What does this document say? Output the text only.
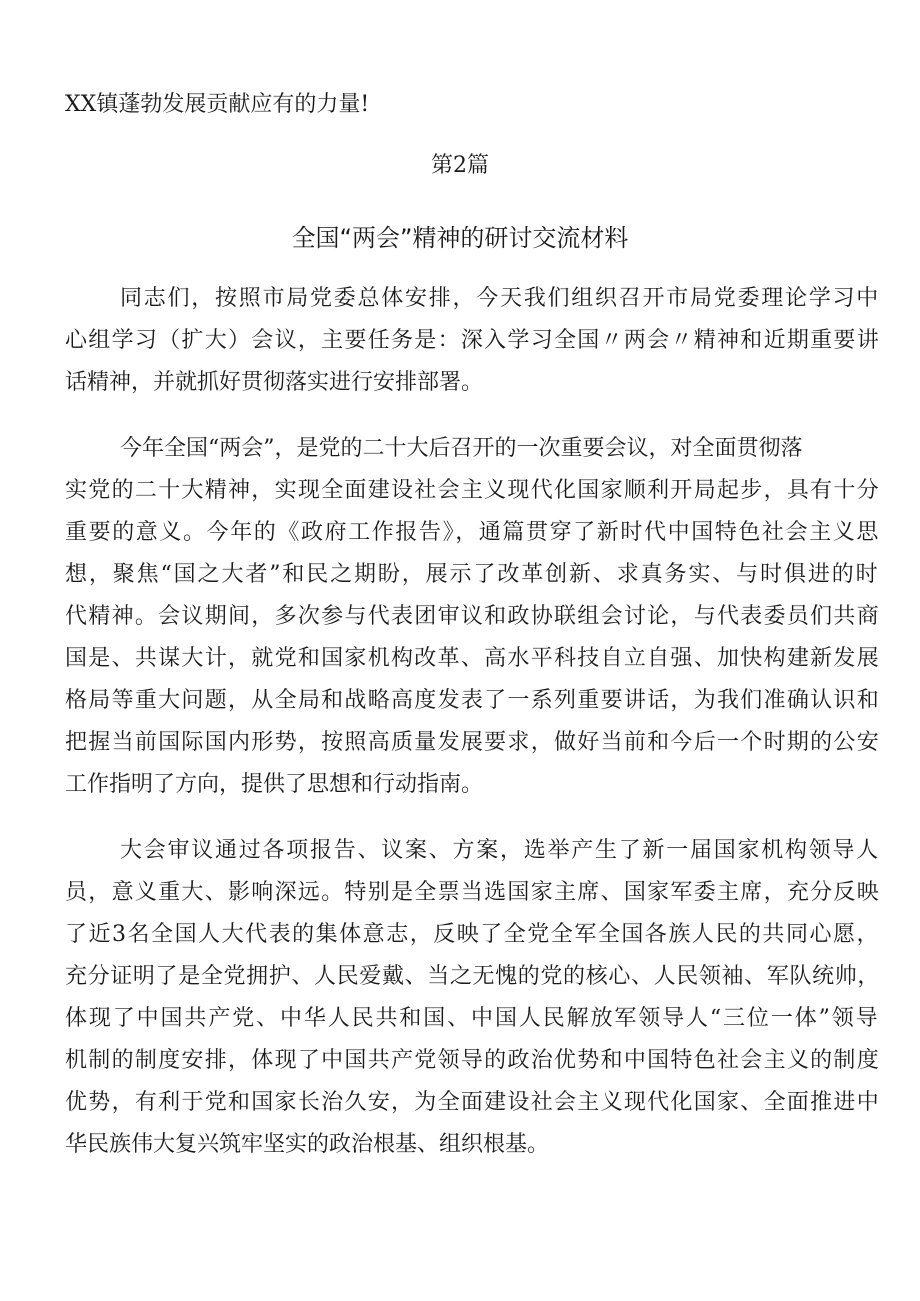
XX镇蓬勃发展贡献应有的力量!
第2篇
全国“两会”精神的研讨交流材料
同志们，按照市局党委总体安排，今天我们组织召开市局党委理论学习中
心组学习（扩大）会议，主要任务是：深入学习全国〃两会〃精神和近期重要讲
话精神，并就抓好贯彻落实进行安排部署。
今年全国“两会”，是党的二十大后召开的一次重要会议，对全面贯彻落
实党的二十大精神，实现全面建设社会主义现代化国家顺利开局起步，具有十分
重要的意义。今年的《政府工作报告》，通篇贯穿了新时代中国特色社会主义思
想，聚焦“国之大者”和民之期盼，展示了改革创新、求真务实、与时俱进的时
代精神。会议期间，多次参与代表团审议和政协联组会讨论，与代表委员们共商
国是、共谋大计，就党和国家机构改革、高水平科技自立自强、加快构建新发展
格局等重大问题，从全局和战略高度发表了一系列重要讲话，为我们准确认识和
把握当前国际国内形势，按照高质量发展要求，做好当前和今后一个时期的公安
工作指明了方向，提供了思想和行动指南。
大会审议通过各项报告、议案、方案，选举产生了新一届国家机构领导人
员，意义重大、影响深远。特别是全票当选国家主席、国家军委主席，充分反映
了近3名全国人大代表的集体意志，反映了全党全军全国各族人民的共同心愿，
充分证明了是全党拥护、人民爱戴、当之无愧的党的核心、人民领袖、军队统帅，
体现了中国共产党、中华人民共和国、中国人民解放军领导人“三位一体”领导
机制的制度安排，体现了中国共产党领导的政治优势和中国特色社会主义的制度
优势，有利于党和国家长治久安，为全面建设社会主义现代化国家、全面推进中
华民族伟大复兴筑牢坚实的政治根基、组织根基。
